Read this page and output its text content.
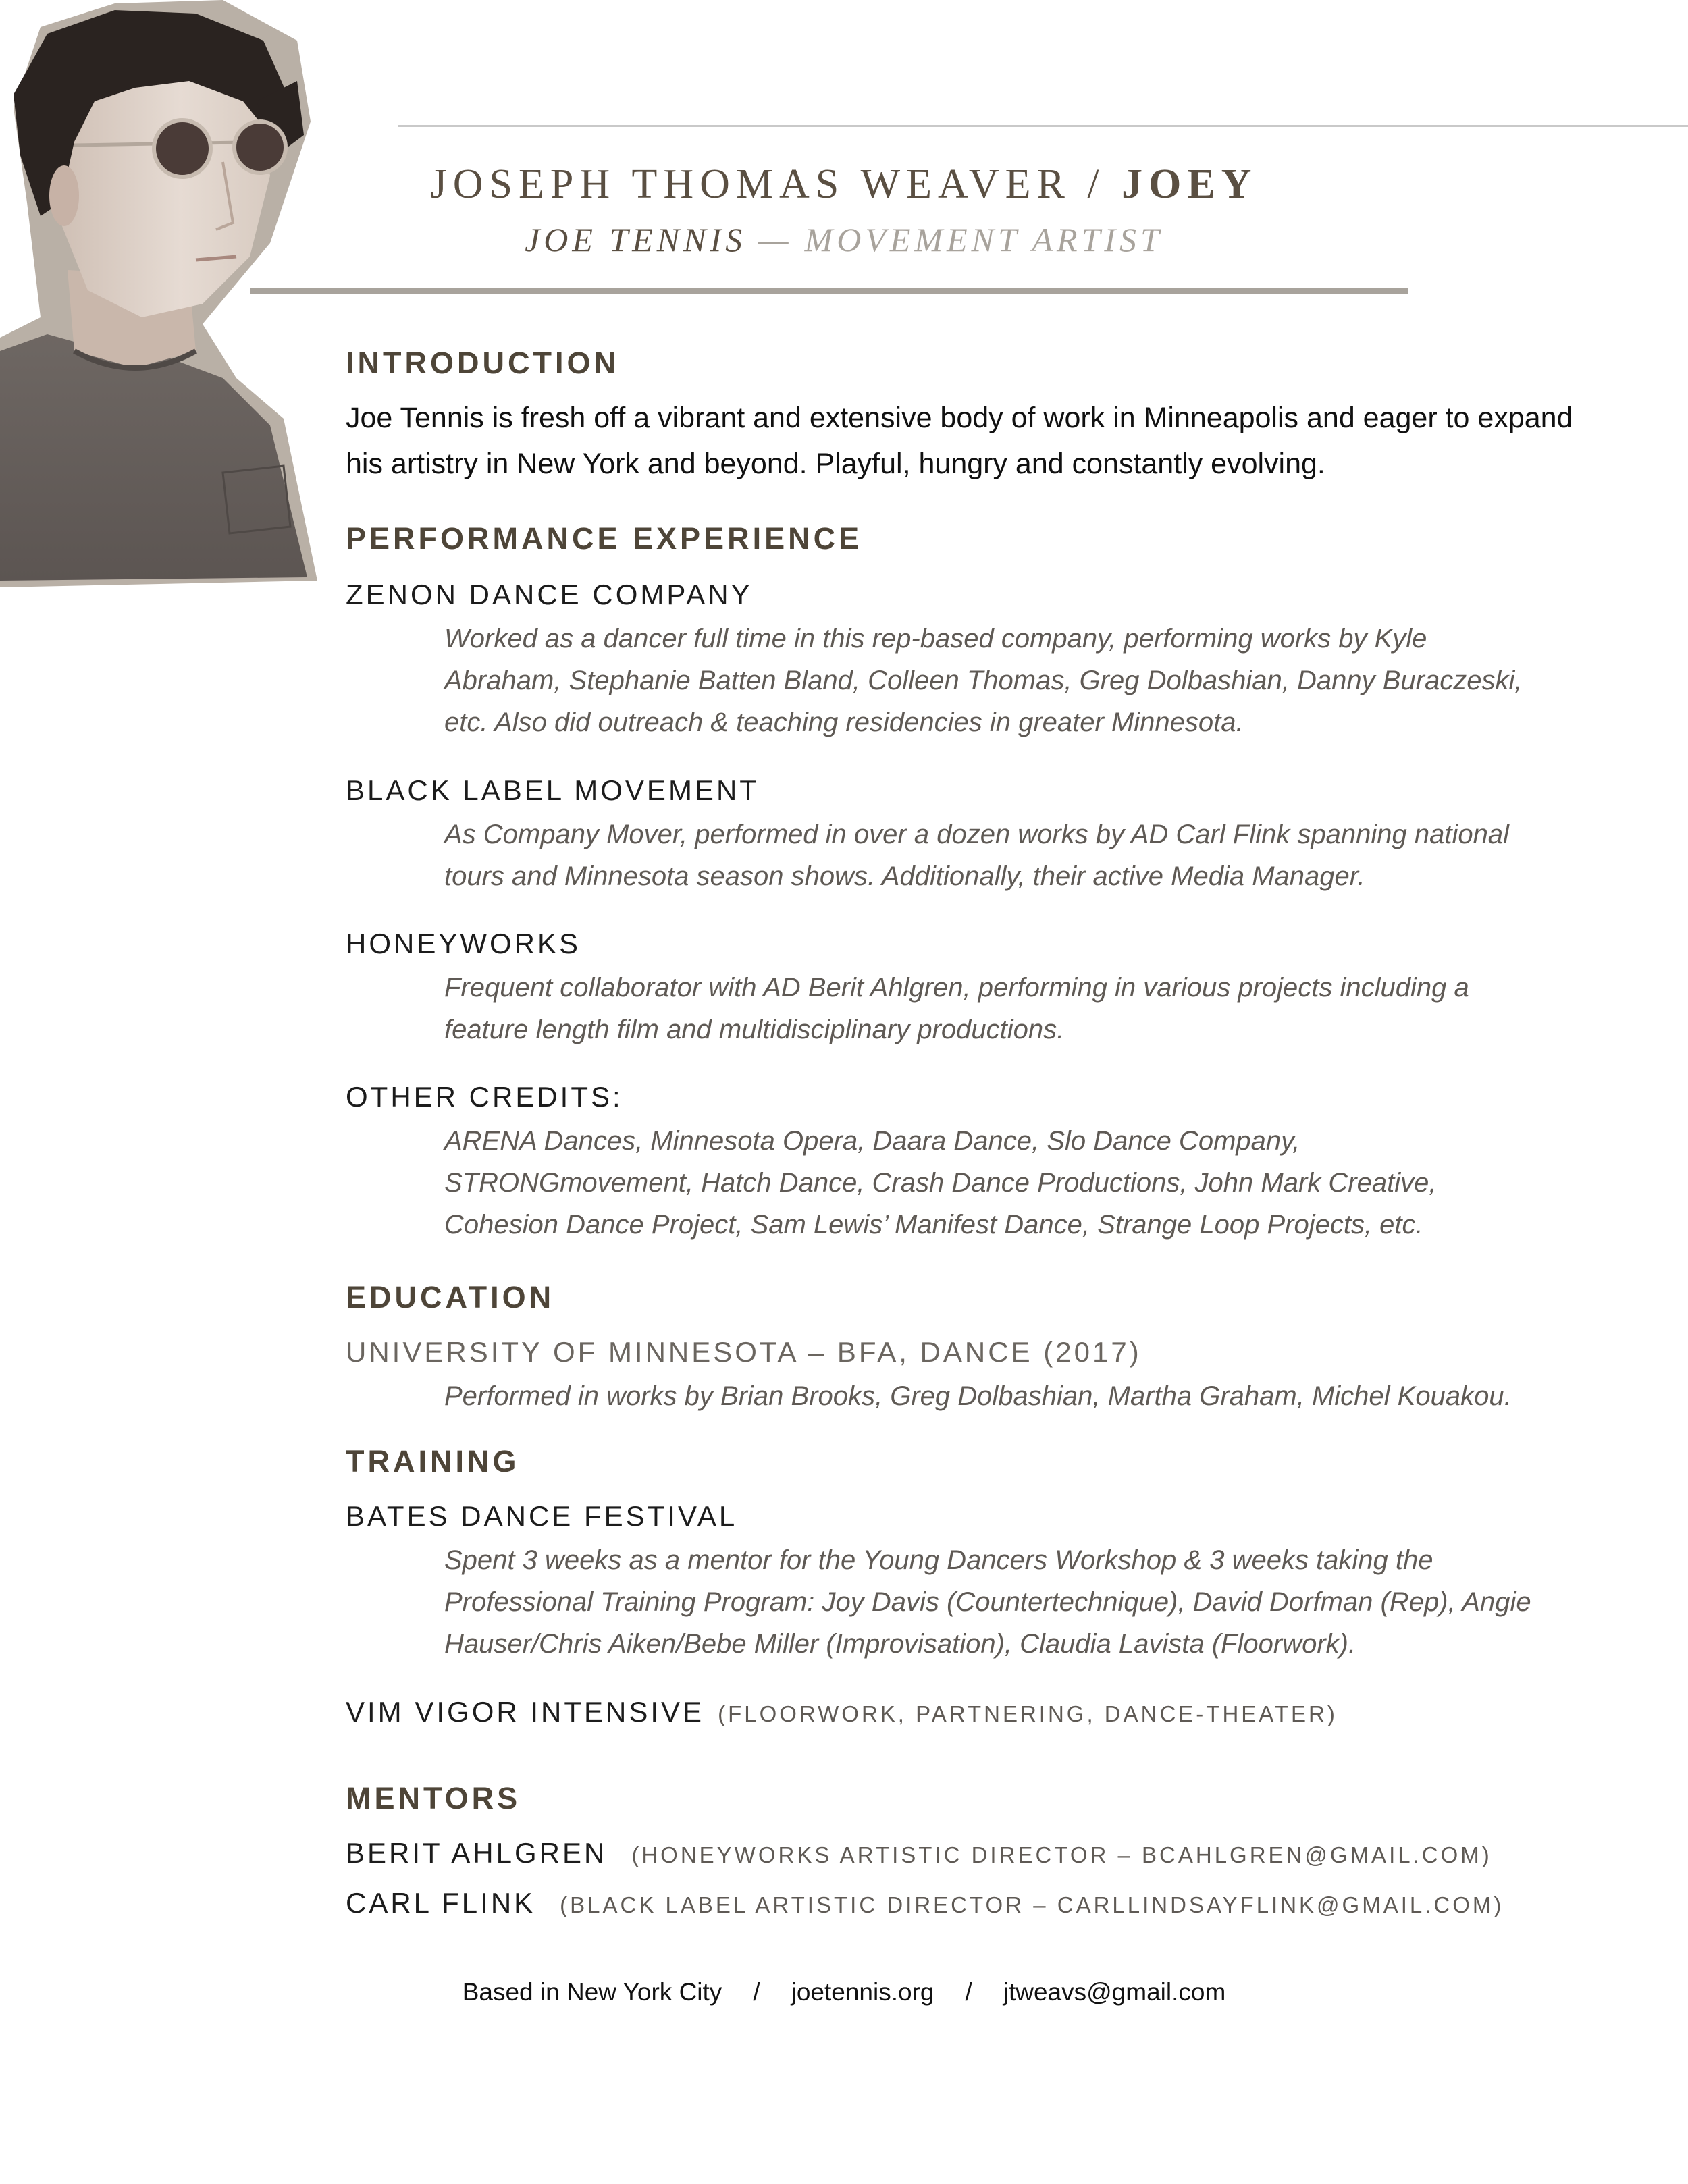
JOSEPH THOMAS WEAVER / JOEY
JOE TENNIS — MOVEMENT ARTIST
INTRODUCTION
Joe Tennis is fresh off a vibrant and extensive body of work in Minneapolis and eager to expand his artistry in New York and beyond. Playful, hungry and constantly evolving.
PERFORMANCE EXPERIENCE
ZENON DANCE COMPANY
Worked as a dancer full time in this rep-based company, performing works by Kyle Abraham, Stephanie Batten Bland, Colleen Thomas, Greg Dolbashian, Danny Buraczeski, etc. Also did outreach & teaching residencies in greater Minnesota.
BLACK LABEL MOVEMENT
As Company Mover, performed in over a dozen works by AD Carl Flink spanning national tours and Minnesota season shows. Additionally, their active Media Manager.
HONEYWORKS
Frequent collaborator with AD Berit Ahlgren, performing in various projects including a feature length film and multidisciplinary productions.
OTHER CREDITS:
ARENA Dances, Minnesota Opera, Daara Dance, Slo Dance Company, STRONGmovement, Hatch Dance, Crash Dance Productions, John Mark Creative, Cohesion Dance Project, Sam Lewis’ Manifest Dance, Strange Loop Projects, etc.
EDUCATION
UNIVERSITY OF MINNESOTA – BFA, DANCE (2017)
Performed in works by Brian Brooks, Greg Dolbashian, Martha Graham, Michel Kouakou.
TRAINING
BATES DANCE FESTIVAL
Spent 3 weeks as a mentor for the Young Dancers Workshop & 3 weeks taking the Professional Training Program: Joy Davis (Countertechnique), David Dorfman (Rep), Angie Hauser/Chris Aiken/Bebe Miller (Improvisation), Claudia Lavista (Floorwork).
VIM VIGOR INTENSIVE (FLOORWORK, PARTNERING, DANCE-THEATER)
MENTORS
BERIT AHLGREN (HONEYWORKS ARTISTIC DIRECTOR – BCAHLGREN@GMAIL.COM)
CARL FLINK (BLACK LABEL ARTISTIC DIRECTOR – CARLLINDSAYFLINK@GMAIL.COM)
Based in New York City / joetennis.org / jtweavs@gmail.com
